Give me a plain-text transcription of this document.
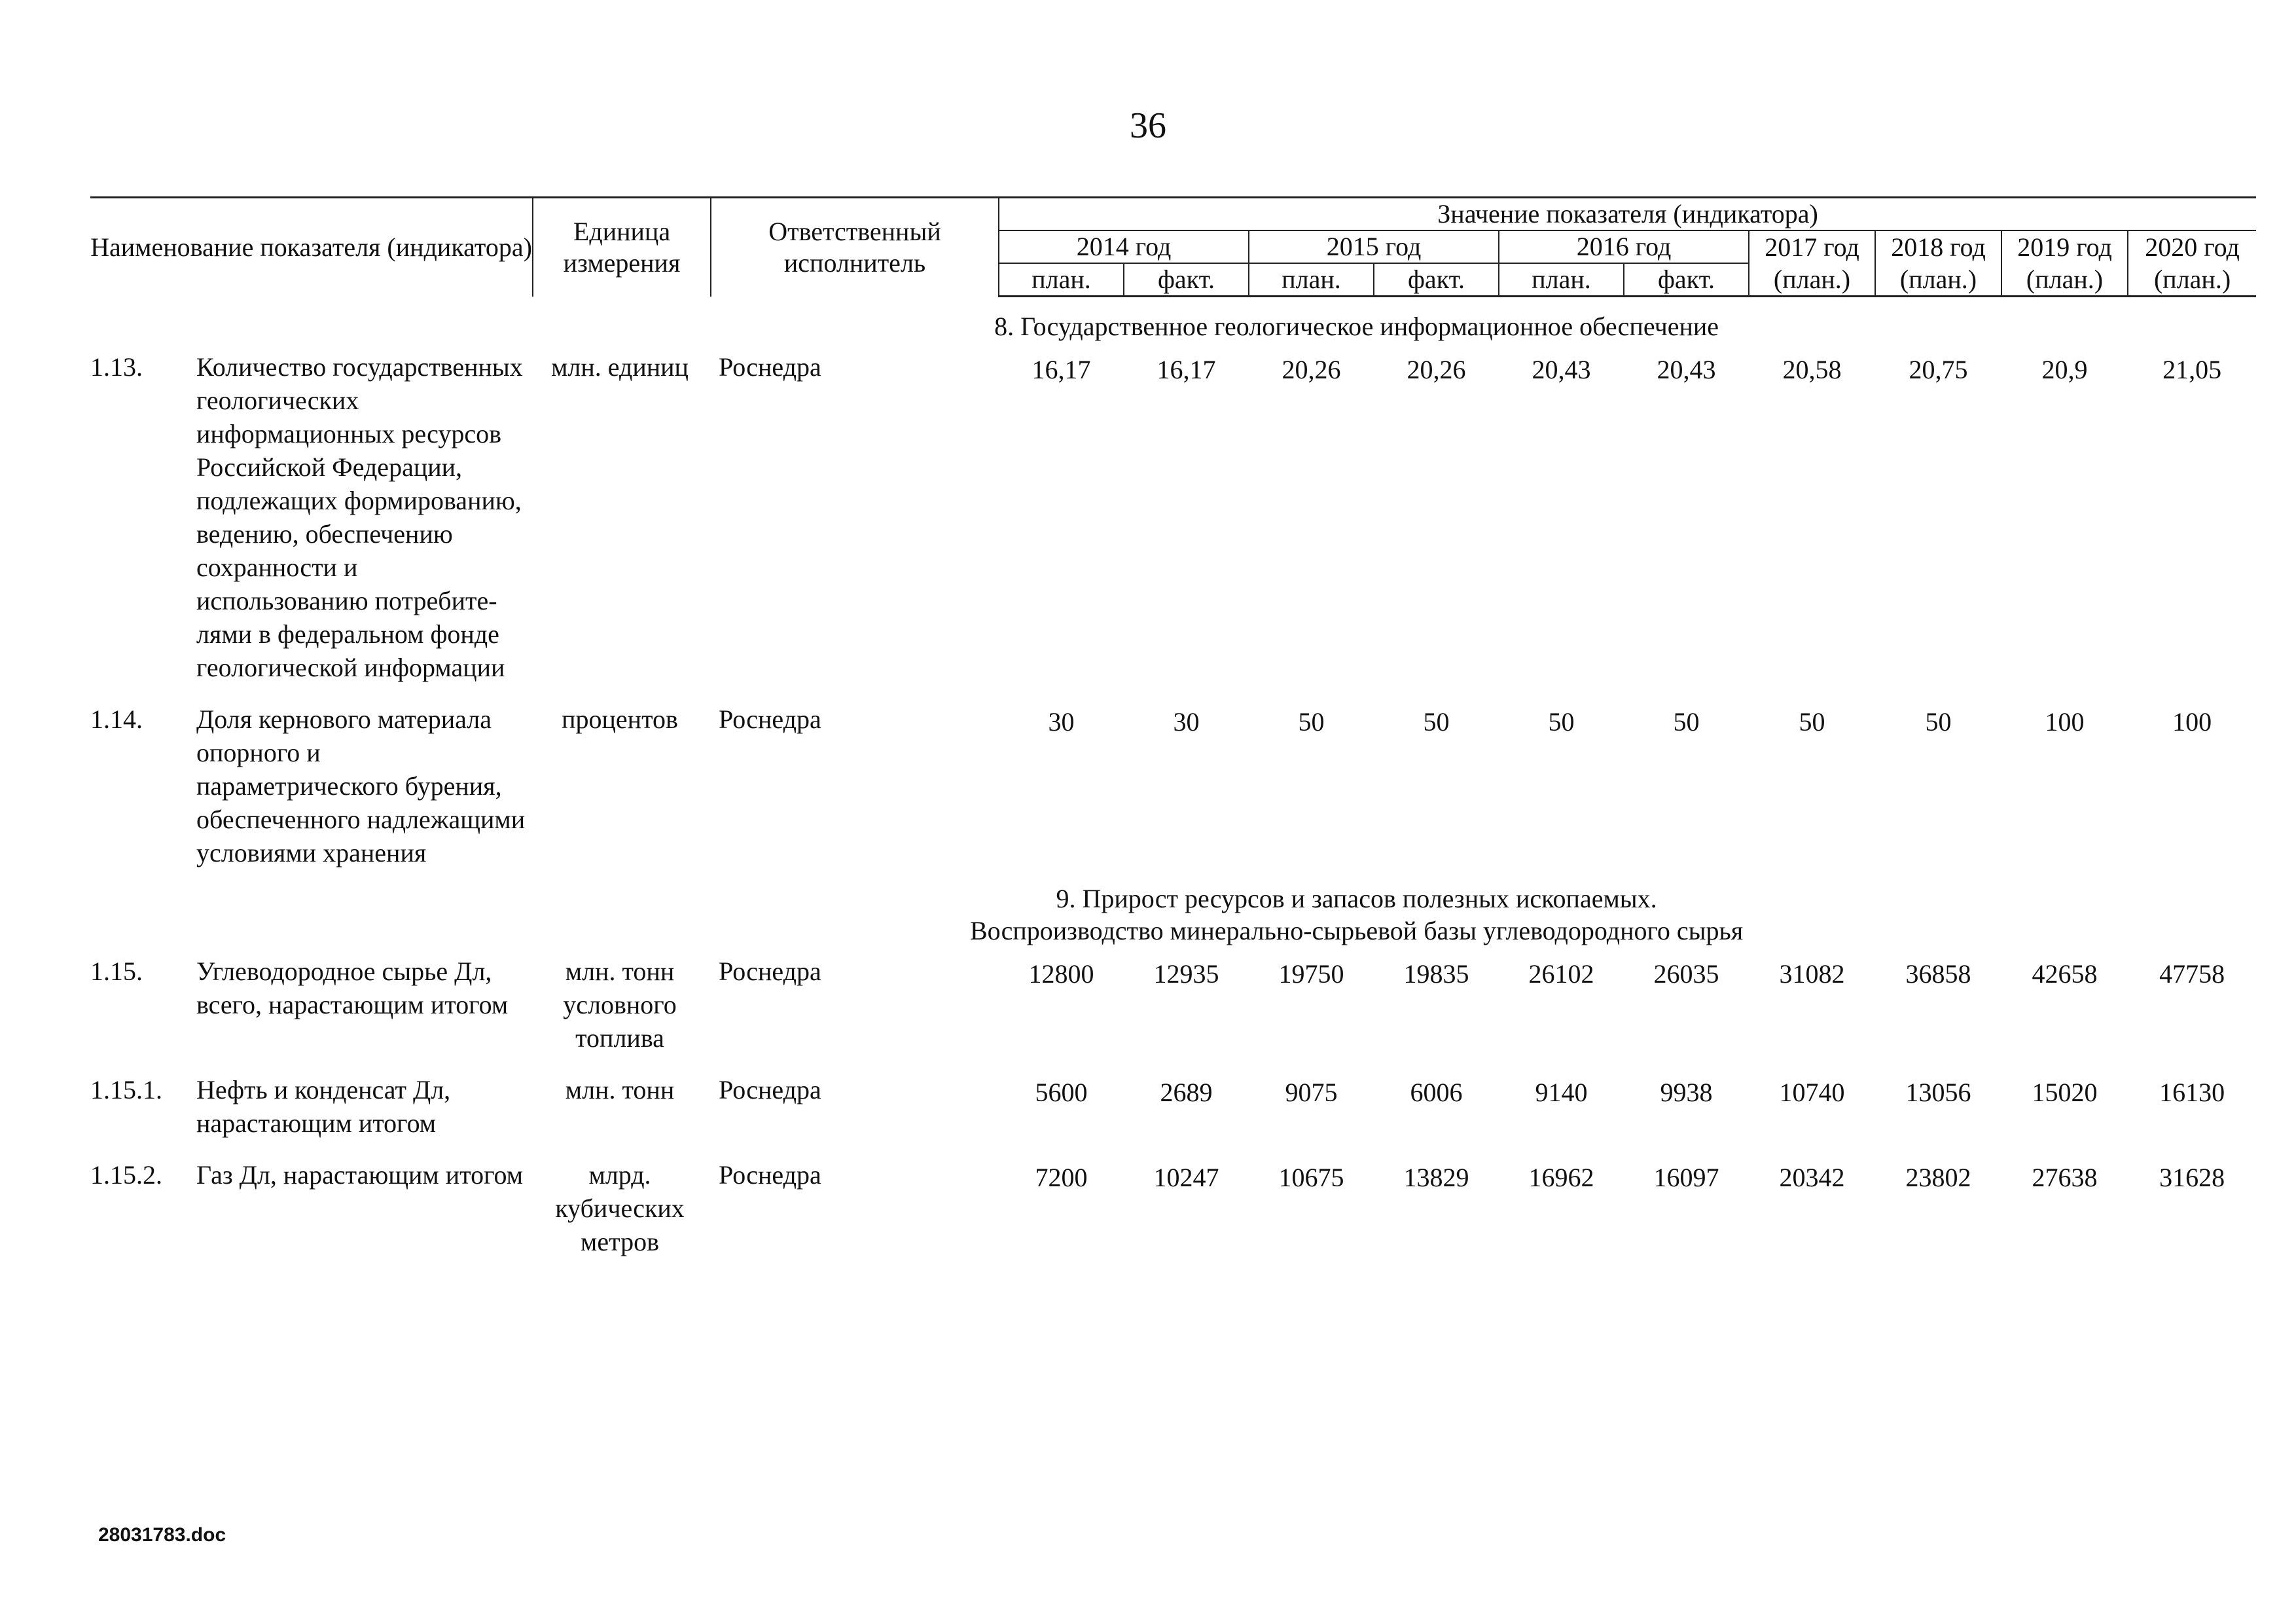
36
Наименование показателя (индикатора)		Единица измерения	Ответственный исполнитель	Значение показателя (индикатора)									
				2014 год		2015 год		2016 год		2017 год	2018 год	2019 год	2020 год
				план.	факт.	план.	факт.	план.	факт.	(план.)	(план.)	(план.)	(план.)

8. Государственное геологическое информационное обеспечение													

1.13.	Количество государственных геологических информационных ресурсов Российской Федерации, подлежащих формированию, ведению, обеспечению сохранности и использованию потребите-лями в федеральном фонде геологической информации	млн. единиц	Роснедра	16,17	16,17	20,26	20,26	20,43	20,43	20,58	20,75	20,9	21,05
1.14.	Доля кернового материала опорного и параметрического бурения, обеспеченного надлежащими условиями хранения	процентов	Роснедра	30	30	50	50	50	50	50	50	100	100

9. Прирост ресурсов и запасов полезных ископаемых.
Воспроизводство минерально-сырьевой базы углеводородного сырья													

1.15.	Углеводородное сырье Дл, всего, нарастающим итогом	млн. тонн условного топлива	Роснедра	12800	12935	19750	19835	26102	26035	31082	36858	42658	47758
1.15.1.	Нефть и конденсат Дл, нарастающим итогом	млн. тонн	Роснедра	5600	2689	9075	6006	9140	9938	10740	13056	15020	16130
1.15.2.	Газ Дл, нарастающим итогом	млрд. кубических метров	Роснедра	7200	10247	10675	13829	16962	16097	20342	23802	27638	31628
28031783.doc
